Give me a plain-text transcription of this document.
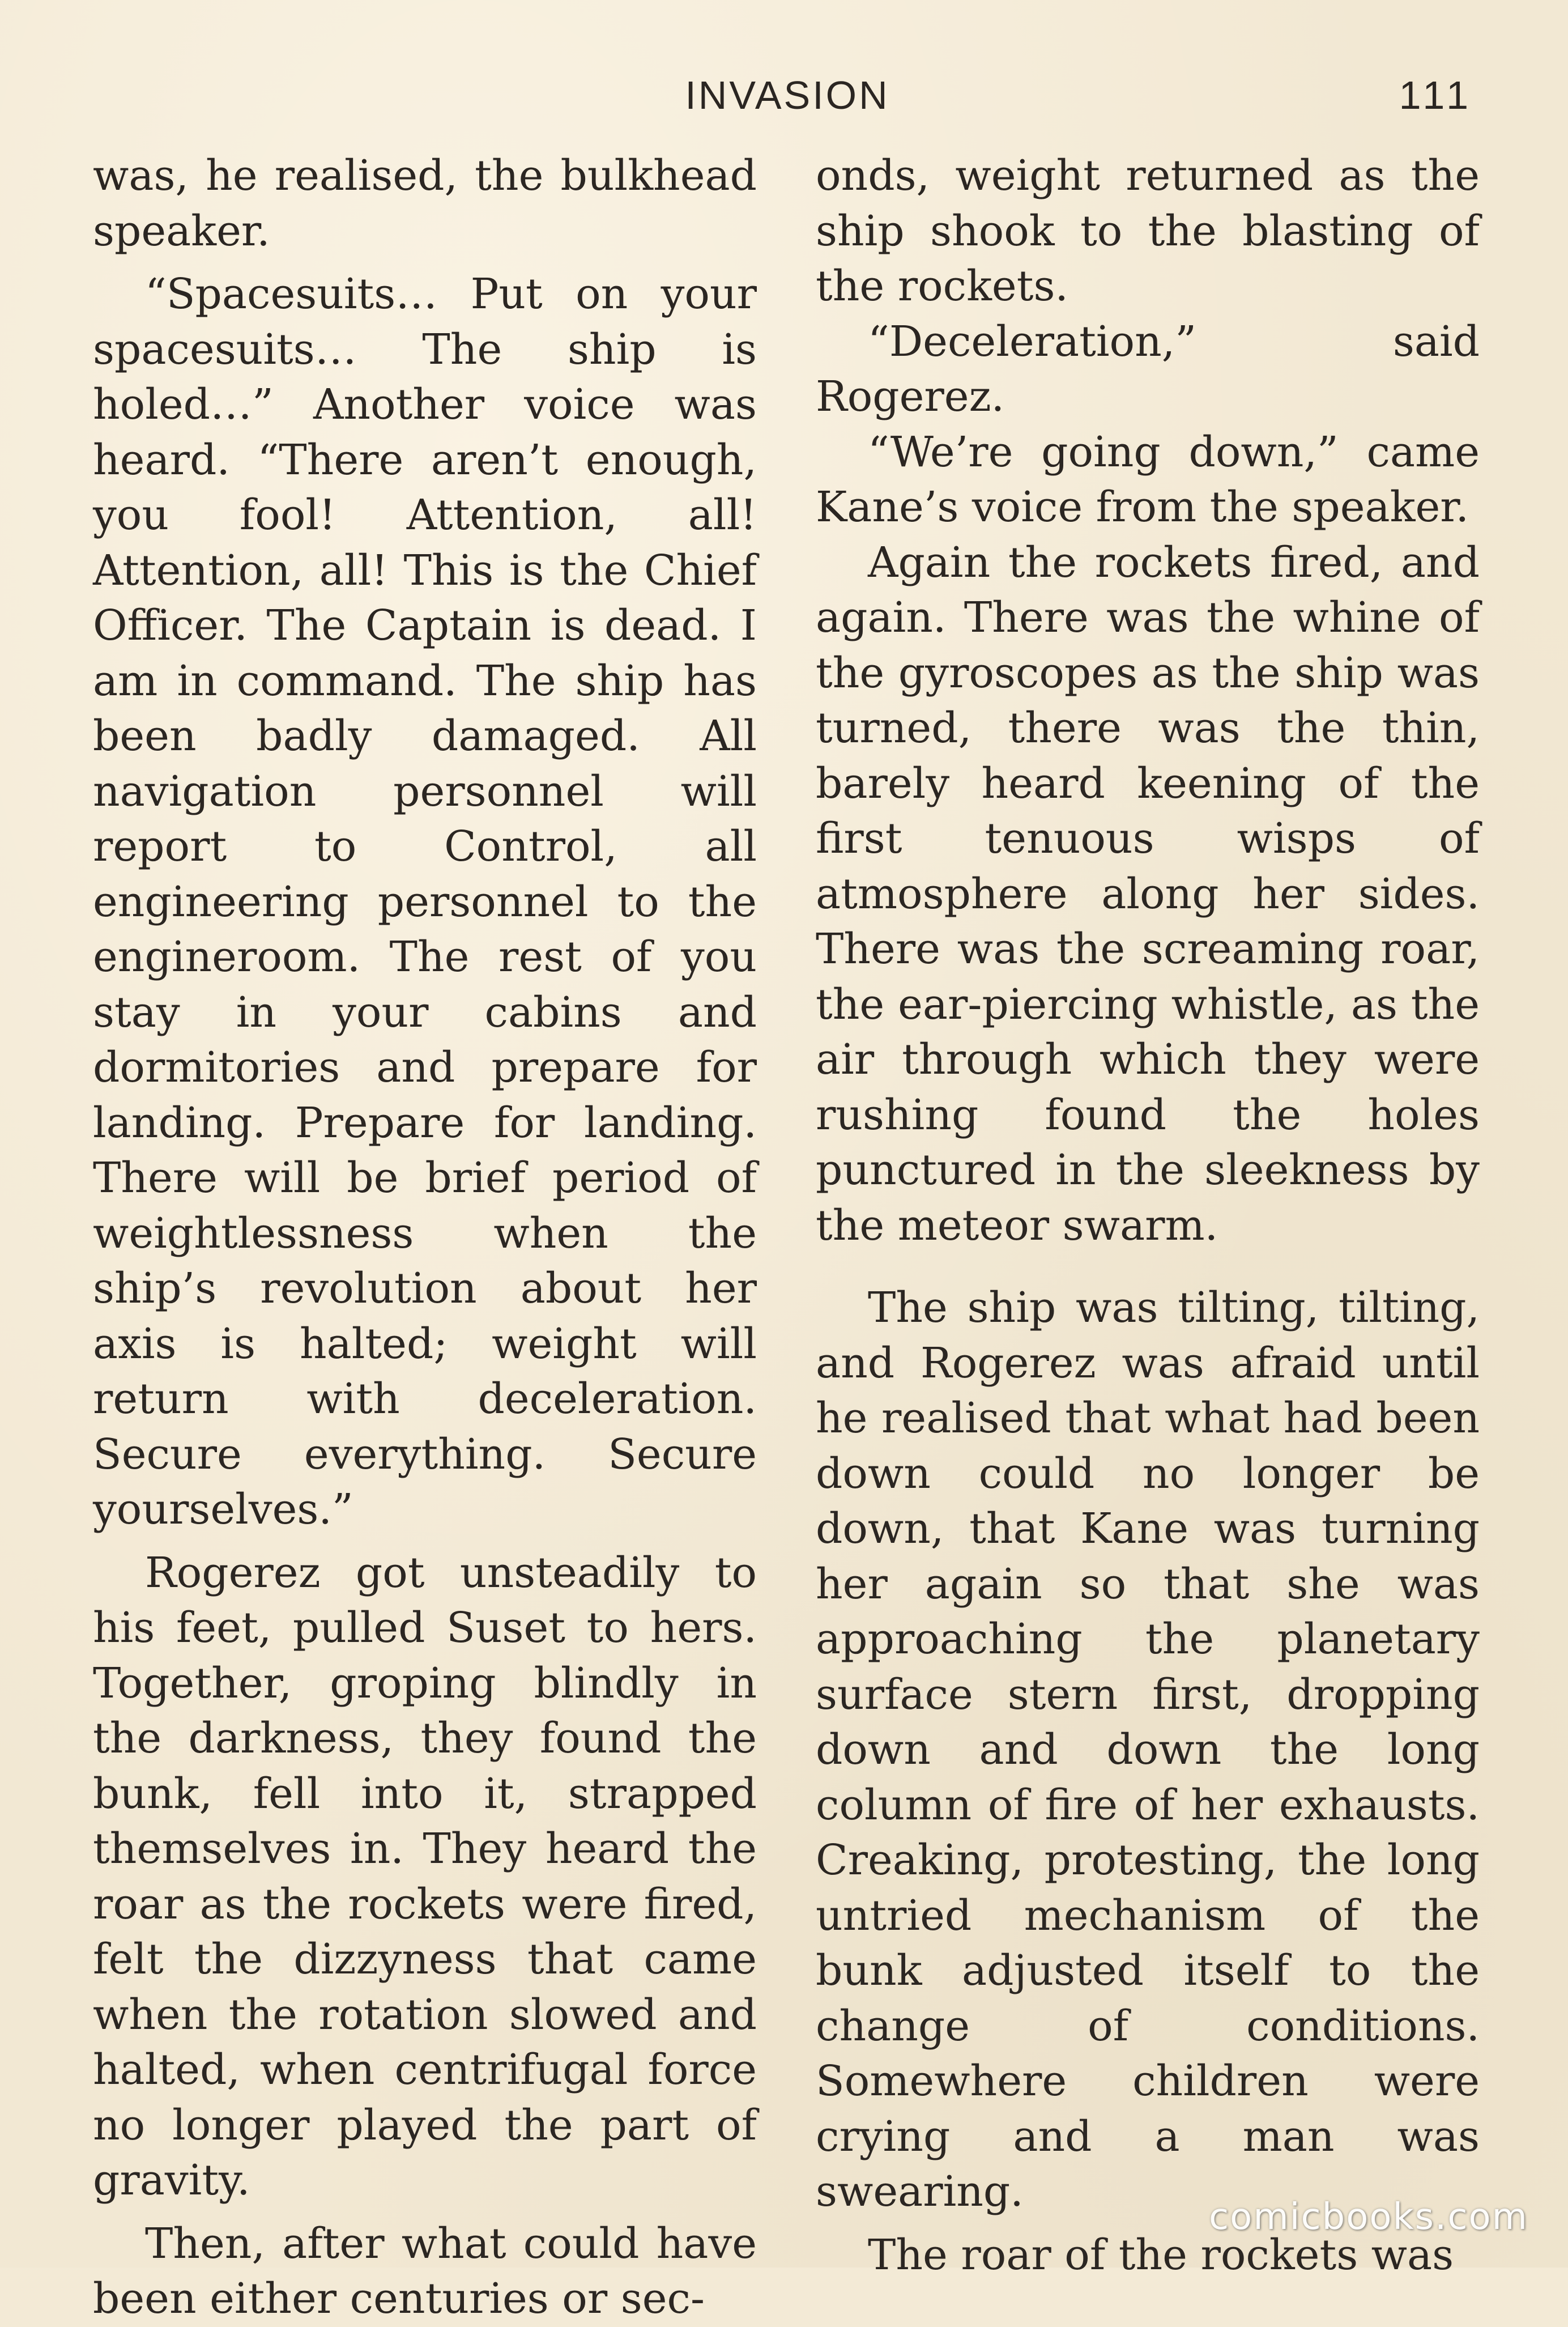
INVASION	111

was, he realised, the bulkhead speaker.

“Spacesuits… Put on your spacesuits… The ship is holed…” Another voice was heard. “There aren’t enough, you fool! Attention, all! Attention, all! This is the Chief Officer. The Captain is dead. I am in command. The ship has been badly damaged. All navigation personnel will report to Control, all engineering personnel to the engineroom. The rest of you stay in your cabins and dormitories and prepare for landing. Prepare for landing. There will be brief period of weightlessness when the ship’s revolution about her axis is halted; weight will return with deceleration. Secure everything. Secure yourselves.”

Rogerez got unsteadily to his feet, pulled Suset to hers. Together, groping blindly in the darkness, they found the bunk, fell into it, strapped themselves in. They heard the roar as the rockets were fired, felt the dizzyness that came when the rotation slowed and halted, when centrifugal force no longer played the part of gravity.

Then, after what could have been either centuries or sec-

onds, weight returned as the ship shook to the blasting of the rockets.

“Deceleration,” said Rogerez.

“We’re going down,” came Kane’s voice from the speaker.

Again the rockets fired, and again. There was the whine of the gyroscopes as the ship was turned, there was the thin, barely heard keening of the first tenuous wisps of atmosphere along her sides. There was the screaming roar, the ear-piercing whistle, as the air through which they were rushing found the holes punctured in the sleekness by the meteor swarm.

The ship was tilting, tilting, and Rogerez was afraid until he realised that what had been down could no longer be down, that Kane was turning her again so that she was approaching the planetary surface stern first, dropping down and down the long column of fire of her exhausts. Creaking, protesting, the long untried mechanism of the bunk adjusted itself to the change of conditions. Somewhere children were crying and a man was swearing.

The roar of the rockets was

comicbooks.com
